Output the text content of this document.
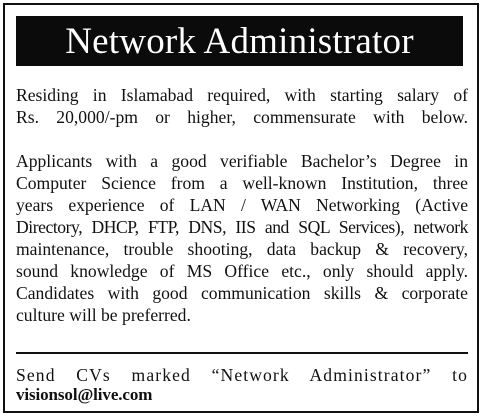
Network Administrator
Residing in Islamabad required, with starting salary of
Rs. 20,000/-pm or higher, commensurate with below.
Applicants with a good verifiable Bachelor’s Degree in
Computer Science from a well-known Institution, three
years experience of LAN / WAN Networking (Active
Directory, DHCP, FTP, DNS, IIS and SQL Services), network
maintenance, trouble shooting, data backup & recovery,
sound knowledge of MS Office etc., only should apply.
Candidates with good communication skills & corporate
culture will be preferred.
Send CVs marked “Network Administrator” to
visionsol@live.com
